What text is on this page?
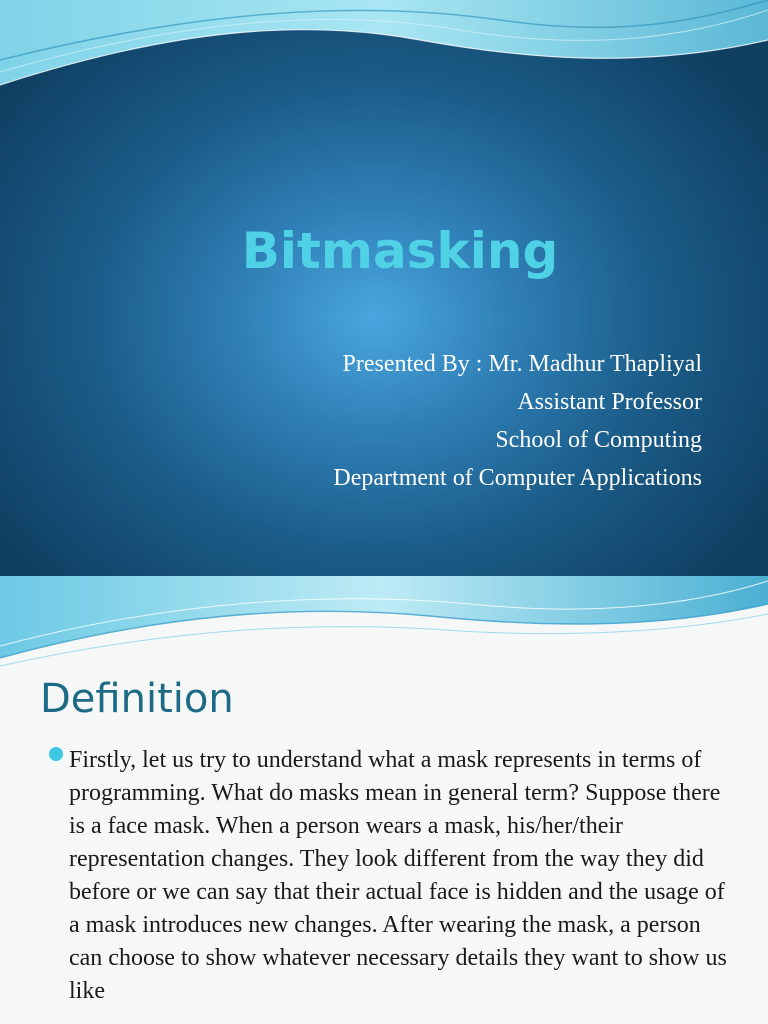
Bitmasking
Presented By : Mr. Madhur Thapliyal
Assistant Professor
School of Computing
Department of Computer Applications
Definition
Firstly, let us try to understand what a mask represents in terms of programming. What do masks mean in general term? Suppose there is a face mask. When a person wears a mask, his/her/their representation changes. They look different from the way they did before or we can say that their actual face is hidden and the usage of a mask introduces new changes. After wearing the mask, a person can choose to show whatever necessary details they want to show us like
